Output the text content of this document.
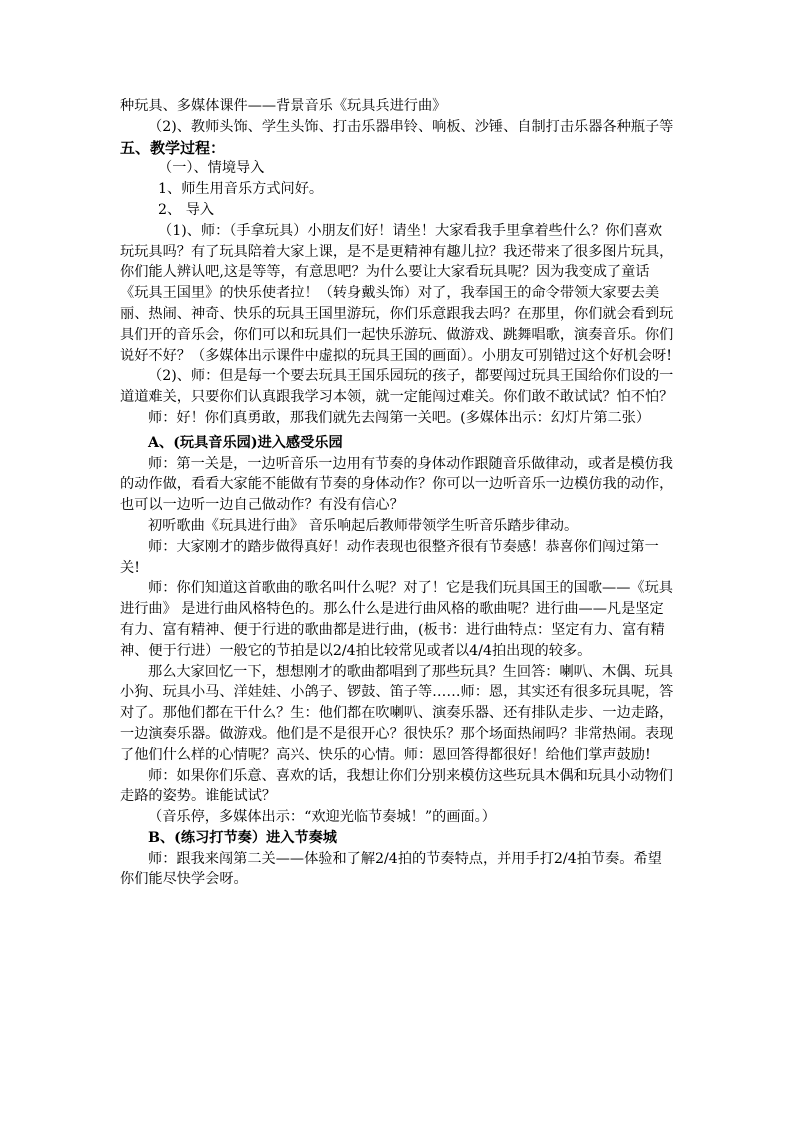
种玩具、多媒体课件——背景音乐《玩具兵进行曲》

（2)、教师头饰、学生头饰、打击乐器串铃、响板、沙锤、自制打击乐器各种瓶子等

五、教学过程：

（一）、情境导入

1、师生用音乐方式问好。

2、 导入

（1)、师：（手拿玩具）小朋友们好！请坐！大家看我手里拿着些什么？你们喜欢玩玩具吗？有了玩具陪着大家上课，是不是更精神有趣儿拉？我还带来了很多图片玩具，你们能人辨认吧,这是等等，有意思吧？为什么要让大家看玩具呢？因为我变成了童话《玩具王国里》的快乐使者拉！（转身戴头饰）对了，我奉国王的命令带领大家要去美丽、热闹、神奇、快乐的玩具王国里游玩，你们乐意跟我去吗？在那里，你们就会看到玩具们开的音乐会，你们可以和玩具们一起快乐游玩、做游戏、跳舞唱歌，演奏音乐。你们说好不好？（多媒体出示课件中虚拟的玩具王国的画面）。小朋友可别错过这个好机会呀!

（2)、师：但是每一个要去玩具王国乐园玩的孩子，都要闯过玩具王国给你们设的一道道难关，只要你们认真跟我学习本领，就一定能闯过难关。你们敢不敢试试？怕不怕？

师：好！你们真勇敢，那我们就先去闯第一关吧。(多媒体出示：幻灯片第二张）

A、(玩具音乐园)进入感受乐园

师：第一关是，一边听音乐一边用有节奏的身体动作跟随音乐做律动，或者是模仿我的动作做，看看大家能不能做有节奏的身体动作？你可以一边听音乐一边模仿我的动作，也可以一边听一边自己做动作？有没有信心？

初听歌曲《玩具进行曲》 音乐响起后教师带领学生听音乐踏步律动。

师：大家刚才的踏步做得真好！动作表现也很整齐很有节奏感！恭喜你们闯过第一关!

师：你们知道这首歌曲的歌名叫什么呢？对了！它是我们玩具国王的国歌——《玩具进行曲》 是进行曲风格特色的。那么什么是进行曲风格的歌曲呢？进行曲——凡是坚定有力、富有精神、便于行进的歌曲都是进行曲，(板书：进行曲特点：坚定有力、富有精神、便于行进）一般它的节拍是以2/4拍比较常见或者以4/4拍出现的较多。

那么大家回忆一下，想想刚才的歌曲都唱到了那些玩具？生回答：喇叭、木偶、玩具小狗、玩具小马、洋娃娃、小鸽子、锣鼓、笛子等……师：恩，其实还有很多玩具呢，答对了。那他们都在干什么？生：他们都在吹喇叭、演奏乐器、还有排队走步、一边走路，一边演奏乐器。做游戏。他们是不是很开心？很快乐？那个场面热闹吗？非常热闹。表现了他们什么样的心情呢？高兴、快乐的心情。师：恩回答得都很好！给他们掌声鼓励!

师：如果你们乐意、喜欢的话，我想让你们分别来模仿这些玩具木偶和玩具小动物们走路的姿势。谁能试试？

（音乐停，多媒体出示：“欢迎光临节奏城！”的画面。）

B、(练习打节奏）进入节奏城

师：跟我来闯第二关——体验和了解2/4拍的节奏特点，并用手打2/4拍节奏。希望你们能尽快学会呀。
